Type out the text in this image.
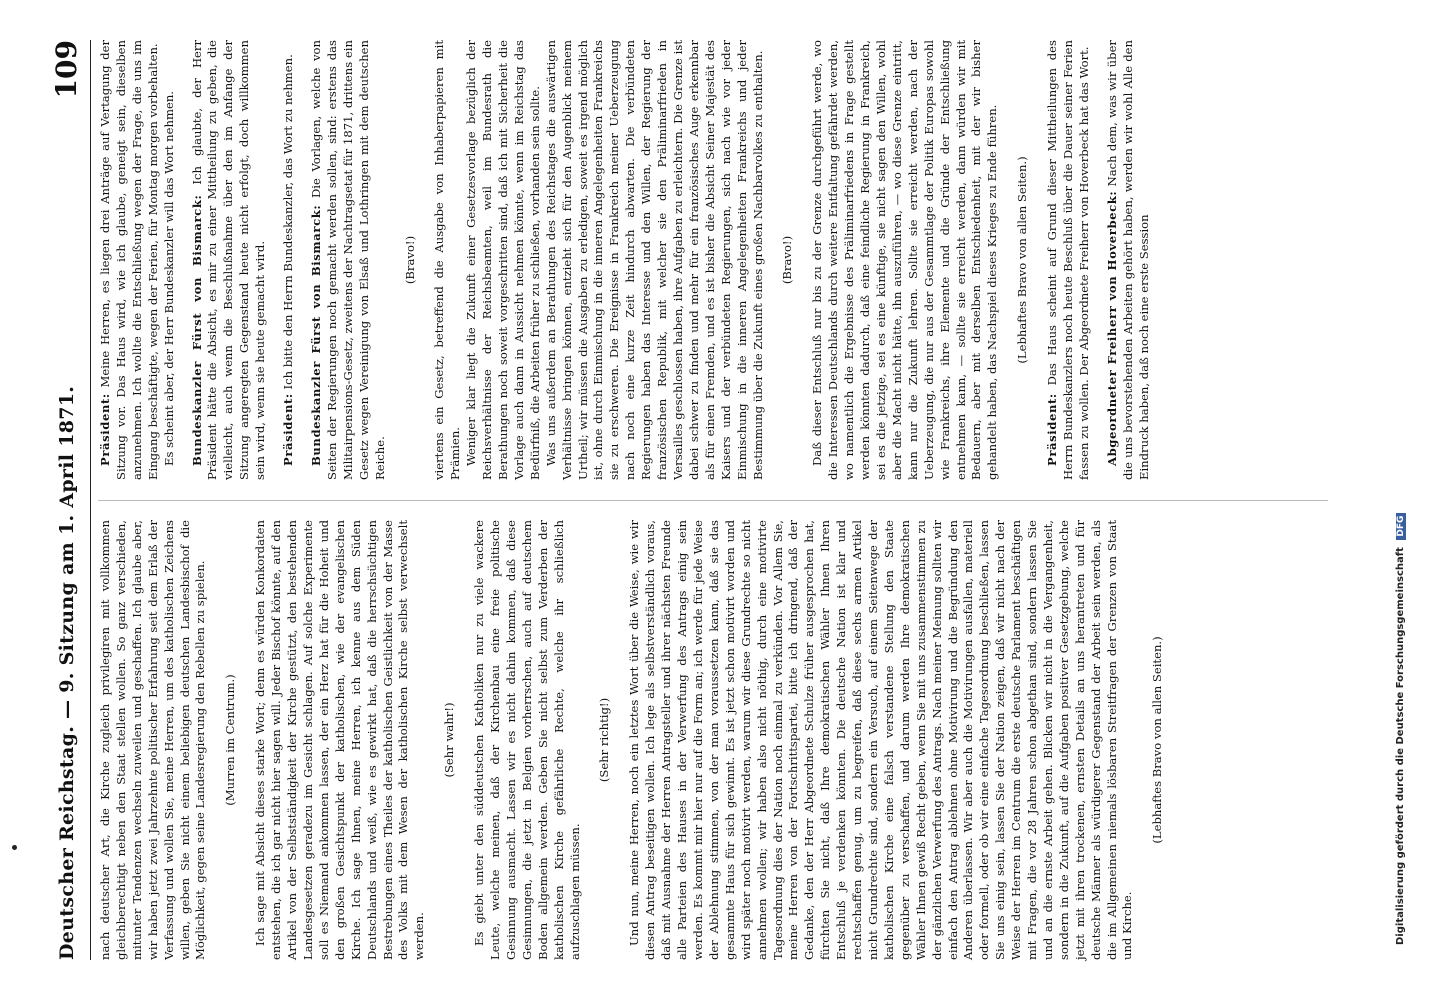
Deutscher Reichstag. — 9. Sitzung am 1. April 1871.
109

nach deutscher Art, die Kirche zugleich privilegiren mit vollkommen gleichberechtigt neben den Staat stellen wollen. So ganz verschieden, mitunter Tendenzen wechseln zuweilen und geschaffen. Ich glaube aber, wir haben jetzt zwei Jahrzehnte politischer Erfahrung seit dem Erlaß der Verfassung und wollen Sie, meine Herren, um des katholischen Zeichens willen, geben Sie nicht einem beliebigen deutschen Landesbischof die Möglichkeit, gegen seine Landesregierung den Rebellen zu spielen. (Murren im Centrum.) Ich sage mit Absicht dieses starke Wort; denn es würden Konkordaten entstehen, die ich gar nicht hier sagen will. Jeder Bischof könnte, auf den Artikel von der Selbstständigkeit der Kirche gestützt, den bestehenden Landesgesetzen geradezu im Gesicht schlagen. Auf solche Experimente soll es Niemand ankommen lassen, der ein Herz hat für die Hoheit und den großen Gesichtspunkt der katholischen, wie der evangelischen Kirche. Ich sage Ihnen, meine Herren, ich kenne aus dem Süden Deutschlands und weiß, wie es gewirkt hat, daß die herrschsüchtigen Bestrebungen eines Theiles der katholischen Geistlichkeit von der Masse des Volks mit dem Wesen der katholischen Kirche selbst verwechselt werden.

(Sehr wahr!) Es giebt unter den süddeutschen Katholiken nur zu viele wackere Leute, welche meinen, daß der Kirchenbau eine freie politische Gesinnung ausmacht. Lassen wir es nicht dahin kommen, daß diese Gesinnungen, die jetzt in Belgien vorherrschen, auch auf deutschem Boden allgemein werden. Geben Sie nicht selbst zum Verderben der katholischen Kirche gefährliche Rechte, welche ihr schließlich aufzuschlagen müssen.

(Sehr richtig!) Und nun, meine Herren, noch ein letztes Wort über die Weise, wie wir diesen Antrag beseitigen wollen. Ich lege als selbstverständlich voraus, daß mit Ausnahme der Herren Antragsteller und ihrer nächsten Freunde alle Parteien des Hauses in der Verwerfung des Antrags einig sein werden. Es kommt mir hier nur auf die Form an; ich werde für jede Weise der Ablehnung stimmen, von der man voraussetzen kann, daß sie das gesammte Haus für sich gewinnt. Es ist jetzt schon motivirt worden und wird später noch motivirt werden, warum wir diese Grundrechte so nicht annehmen wollen; wir haben also nicht nöthig, durch eine motivirte Tagesordnung dies der Nation noch einmal zu verkünden. Vor Allem Sie, meine Herren von der Fortschrittspartei, bitte ich dringend, daß der Gedanke, den der Herr Abgeordnete Schulze früher ausgesprochen hat, fürchten Sie nicht, daß Ihre demokratischen Wähler Ihnen Ihren Entschluß je verdenken könnten. Die deutsche Nation ist klar und rechtschaffen genug, um zu begreifen, daß diese sechs armen Artikel nicht Grundrechte sind, sondern ein Versuch, auf einem Seitenwege der katholischen Kirche eine falsch verstandene Stellung den Staate gegenüber zu verschaffen, und darum werden Ihre demokratischen Wähler Ihnen gewiß Recht geben, wenn Sie mit uns zusammenstimmen zu der gänzlichen Verwerfung des Antrags. Nach meiner Meinung sollten wir einfach den Antrag ablehnen ohne Motivirung und die Begründung den Anderen überlassen. Wir aber auch die Motivirungen ausfallen, materiell oder formell, oder ob wir eine einfache Tagesordnung beschließen, lassen Sie uns einig sein, lassen Sie der Nation zeigen, daß wir nicht nach der Weise der Herren im Centrum die erste deutsche Parlament beschäftigen mit Fragen, die vor 28 Jahren schon abgethan sind, sondern lassen Sie und an die ernste Arbeit gehen. Blicken wir nicht in die Vergangenheit, sondern in die Zukunft, auf die Aufgaben positiver Gesetzgebung, welche jetzt mit ihren trockenen, ernsten Details an uns herantreten und für deutsche Männer als würdigerer Gegenstand der Arbeit sein werden, als die im Allgemeinen niemals lösbaren Streitfragen der Grenzen von Staat und Kirche.

(Lebhaftes Bravo von allen Seiten.)

Präsident: Meine Herren, es liegen drei Anträge auf Vertagung der Sitzung vor. Das Haus wird, wie ich glaube, geneigt sein, dieselben anzunehmen. Ich wollte die Entschließung wegen der Frage, die uns im Eingang beschäftigte, wegen der Ferien, für Montag morgen vorbehalten. Es scheint aber, der Herr Bundeskanzler will das Wort nehmen. Bundeskanzler Fürst von Bismarck: Ich glaubte, der Herr Präsident hätte die Absicht, es mir zu einer Mittheilung zu geben, die vielleicht, auch wenn die Beschlußnahme über den im Anfange der Sitzung angeregten Gegenstand heute nicht erfolgt, doch willkommen sein wird, wenn sie heute gemacht wird. Präsident: Ich bitte den Herrn Bundeskanzler, das Wort zu nehmen. Bundeskanzler Fürst von Bismarck: Die Vorlagen, welche von Seiten der Regierungen noch gemacht werden sollen, sind: erstens das Militairpensions-Gesetz, zweitens der Nachtragsetat für 1871, drittens ein Gesetz wegen Vereinigung von Elsaß und Lothringen mit dem deutschen Reiche.

(Bravo!) viertens ein Gesetz, betreffend die Ausgabe von Inhaberpapieren mit Prämien. Weniger klar liegt die Zukunft einer Gesetzesvorlage bezüglich der Reichsverhältnisse der Reichsbeamten, weil im Bundesrath die Berathungen noch soweit vorgeschritten sind, daß ich mit Sicherheit die Vorlage auch dann in Aussicht nehmen könnte, wenn im Reichstag das Bedürfniß, die Arbeiten früher zu schließen, vorhanden sein sollte. Was uns außerdem an Berathungen des Reichstages die auswärtigen Verhältnisse bringen können, entzieht sich für den Augenblick meinem Urtheil; wir müssen die Ausgaben zu erledigen, soweit es irgend möglich ist, ohne durch Einmischung in die inneren Angelegenheiten Frankreichs sie zu erschweren. Die Ereignisse in Frankreich meiner Ueberzeugung nach noch eine kurze Zeit hindurch abwarten. Die verbündeten Regierungen haben das Interesse und den Willen, der Regierung der französischen Republik, mit welcher sie den Präliminarfrieden in Versailles geschlossen haben, ihre Aufgaben zu erleichtern. Die Grenze ist dabei schwer zu finden und mehr für ein französisches Auge erkennbar als für einen Fremden, und es ist bisher die Absicht Seiner Majestät des Kaisers und der verbündeten Regierungen, sich nach wie vor jeder Einmischung in die inneren Angelegenheiten Frankreichs und jeder Bestimmung über die Zukunft eines großen Nachbarvolkes zu enthalten. (Bravo!) Daß dieser Entschluß nur bis zu der Grenze durchgeführt werde, wo die Interessen Deutschlands durch weitere Entfaltung gefährdet werden, wo namentlich die Ergebnisse des Präliminarfriedens in Frage gestellt werden könnten dadurch, daß eine feindliche Regierung in Frankreich, sei es die jetzige, sei es eine künftige, sie nicht sagen den Willen, wohl aber die Macht nicht hätte, ihn auszuführen, — wo diese Grenze eintritt, kann nur die Zukunft lehren. Sollte sie erreicht werden, nach der Ueberzeugung, die nur aus der Gesammtlage der Politik Europas sowohl wie Frankreichs, ihre Elemente und die Gründe der Entschließung entnehmen kann, — sollte sie erreicht werden, dann würden wir mit Bedauern, aber mit derselben Entschiedenheit, mit der wir bisher gehandelt haben, das Nachspiel dieses Krieges zu Ende führen. (Lebhaftes Bravo von allen Seiten.)

Präsident: Das Haus scheint auf Grund dieser Mittheilungen des Herrn Bundeskanzlers noch heute Beschluß über die Dauer seiner Ferien fassen zu wollen. Der Abgeordnete Freiherr von Hoverbeck hat das Wort. Abgeordneter Freiherr von Hoverbeck: Nach dem, was wir über die uns bevorstehenden Arbeiten gehört haben, werden wir wohl Alle den Eindruck haben, daß noch eine erste Session

Digitalisierung gefördert durch die Deutsche Forschungsgemeinschaft DFG
